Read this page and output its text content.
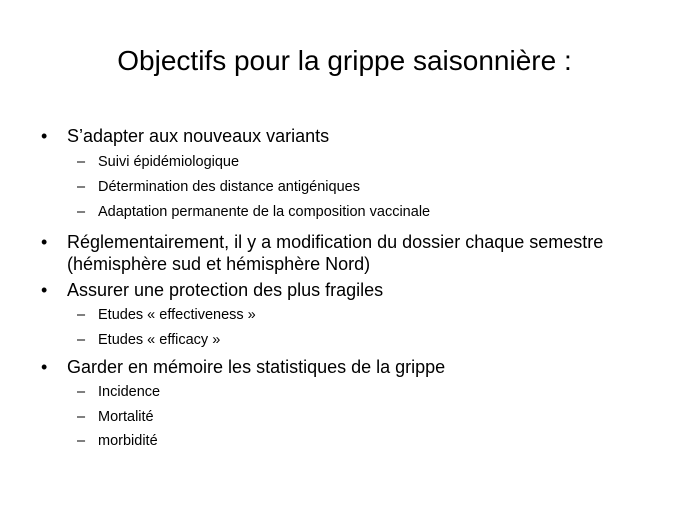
Objectifs pour la grippe saisonnière :
• S’adapter aux nouveaux variants
– Suivi épidémiologique
– Détermination des distance antigéniques
– Adaptation permanente de la composition vaccinale
• Réglementairement, il y a modification du dossier chaque semestre
(hémisphère sud et hémisphère Nord)
• Assurer une protection des plus fragiles
– Etudes « effectiveness »
– Etudes « efficacy »
• Garder en mémoire les statistiques de la grippe
– Incidence
– Mortalité
– morbidité
